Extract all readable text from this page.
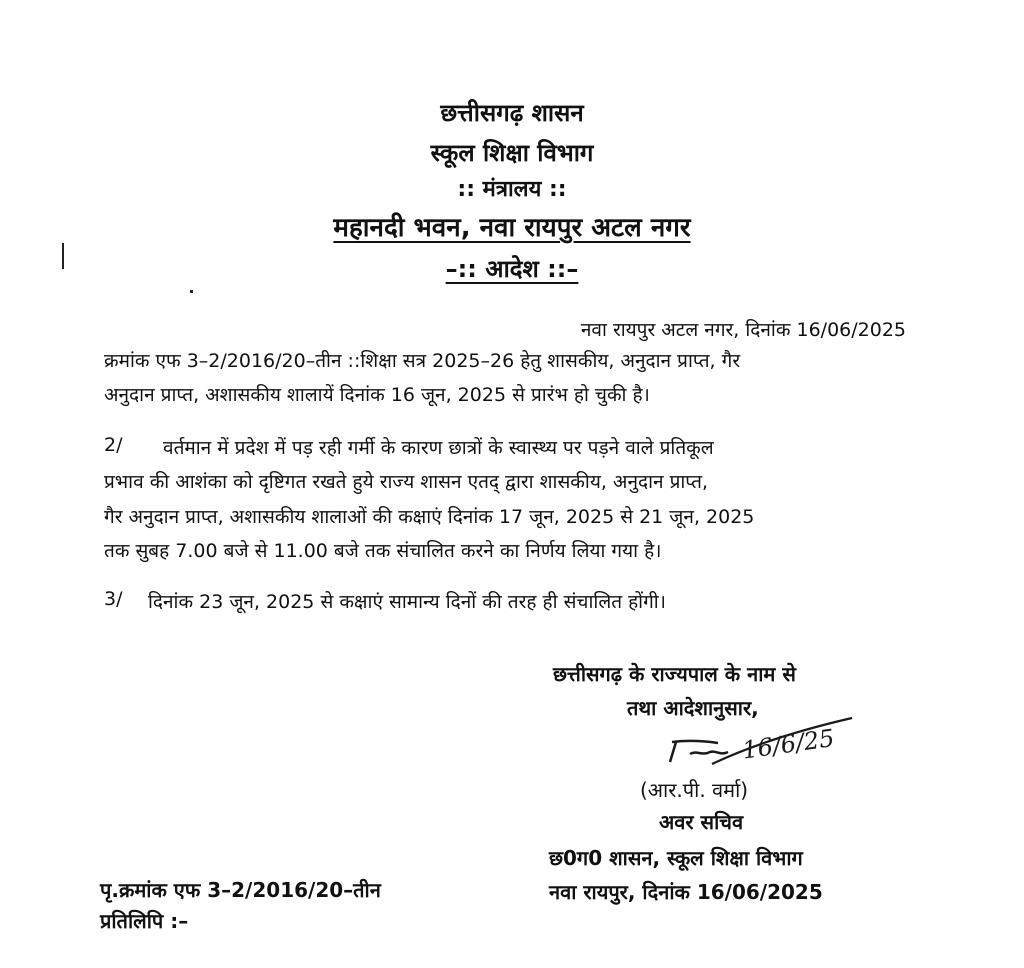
छत्तीसगढ़ शासन
स्कूल शिक्षा विभाग
:: मंत्रालय ::
महानदी भवन, नवा रायपुर अटल नगर
–:: आदेश ::–
नवा रायपुर अटल नगर, दिनांक 16/06/2025
क्रमांक एफ 3–2/2016/20–तीन ::शिक्षा सत्र 2025–26 हेतु शासकीय, अनुदान प्राप्त, गैर
अनुदान प्राप्त, अशासकीय शालायें दिनांक 16 जून, 2025 से प्रारंभ हो चुकी है।
2/ वर्तमान में प्रदेश में पड़ रही गर्मी के कारण छात्रों के स्वास्थ्य पर पड़ने वाले प्रतिकूल
प्रभाव की आशंका को दृष्टिगत रखते हुये राज्य शासन एतद् द्वारा शासकीय, अनुदान प्राप्त,
गैर अनुदान प्राप्त, अशासकीय शालाओं की कक्षाएं दिनांक 17 जून, 2025 से 21 जून, 2025
तक सुबह 7.00 बजे से 11.00 बजे तक संचालित करने का निर्णय लिया गया है।
3/ दिनांक 23 जून, 2025 से कक्षाएं सामान्य दिनों की तरह ही संचालित होंगी।
छत्तीसगढ़ के राज्यपाल के नाम से
तथा आदेशानुसार,
16/6/25
(आर.पी. वर्मा)
अवर सचिव
छ0ग0 शासन, स्कूल शिक्षा विभाग
नवा रायपुर, दिनांक 16/06/2025
पृ.क्रमांक एफ 3–2/2016/20–तीन
प्रतिलिपि :–
